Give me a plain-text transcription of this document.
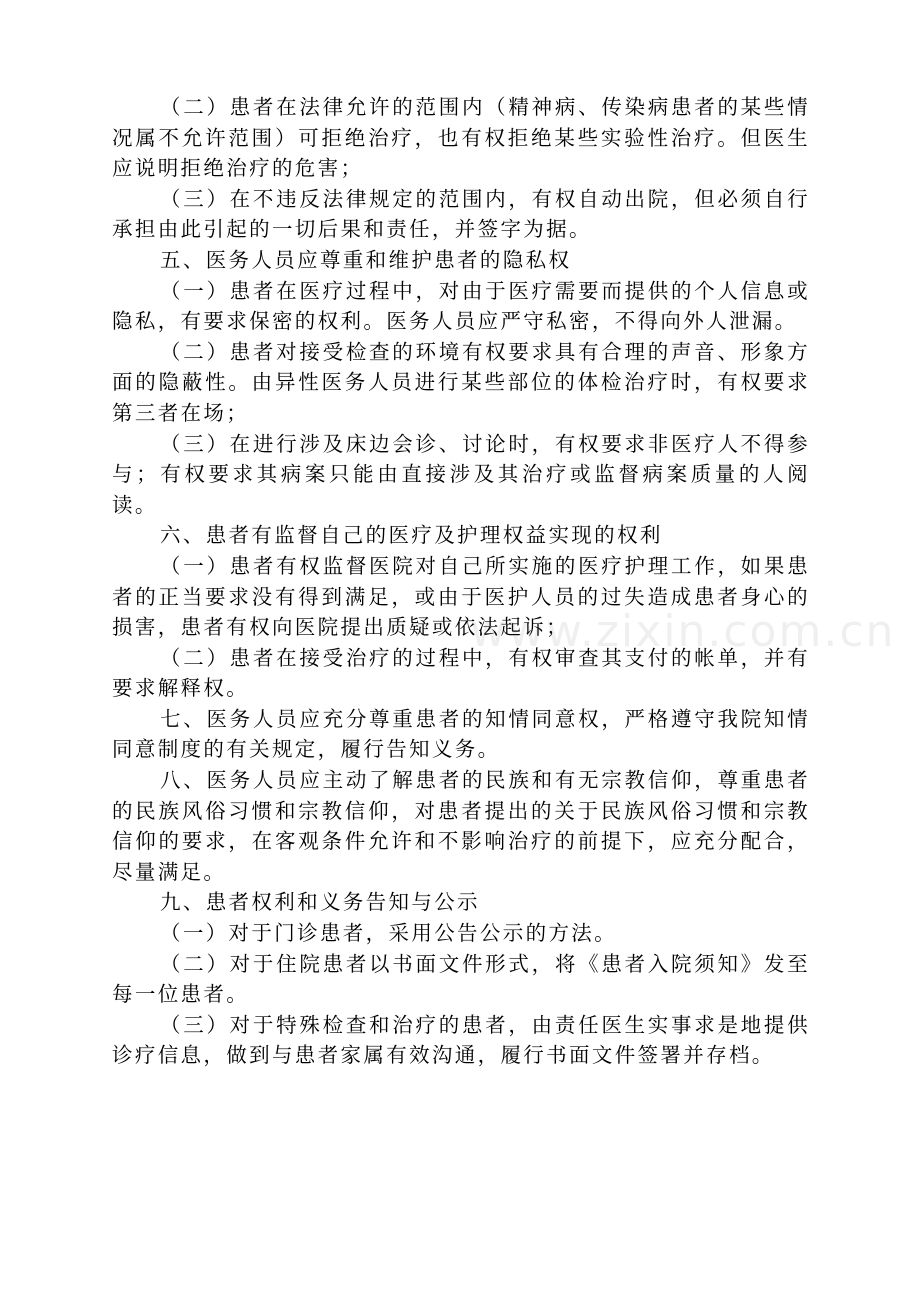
（二）患者在法律允许的范围内（精神病、传染病患者的某些情况属不允许范围）可拒绝治疗，也有权拒绝某些实验性治疗。但医生应说明拒绝治疗的危害；

（三）在不违反法律规定的范围内，有权自动出院，但必须自行承担由此引起的一切后果和责任，并签字为据。

五、医务人员应尊重和维护患者的隐私权

（一）患者在医疗过程中，对由于医疗需要而提供的个人信息或隐私，有要求保密的权利。医务人员应严守私密，不得向外人泄漏。

（二）患者对接受检查的环境有权要求具有合理的声音、形象方面的隐蔽性。由异性医务人员进行某些部位的体检治疗时，有权要求第三者在场；

（三）在进行涉及床边会诊、讨论时，有权要求非医疗人不得参与；有权要求其病案只能由直接涉及其治疗或监督病案质量的人阅读。

六、患者有监督自己的医疗及护理权益实现的权利

（一）患者有权监督医院对自己所实施的医疗护理工作，如果患者的正当要求没有得到满足，或由于医护人员的过失造成患者身心的损害，患者有权向医院提出质疑或依法起诉；

（二）患者在接受治疗的过程中，有权审查其支付的帐单，并有要求解释权。

七、医务人员应充分尊重患者的知情同意权，严格遵守我院知情同意制度的有关规定，履行告知义务。

八、医务人员应主动了解患者的民族和有无宗教信仰，尊重患者的民族风俗习惯和宗教信仰，对患者提出的关于民族风俗习惯和宗教信仰的要求，在客观条件允许和不影响治疗的前提下，应充分配合，尽量满足。

九、患者权利和义务告知与公示

（一）对于门诊患者，采用公告公示的方法。

（二）对于住院患者以书面文件形式，将《患者入院须知》发至每一位患者。

（三）对于特殊检查和治疗的患者，由责任医生实事求是地提供诊疗信息，做到与患者家属有效沟通，履行书面文件签署并存档。

www.zixin.com.cn
